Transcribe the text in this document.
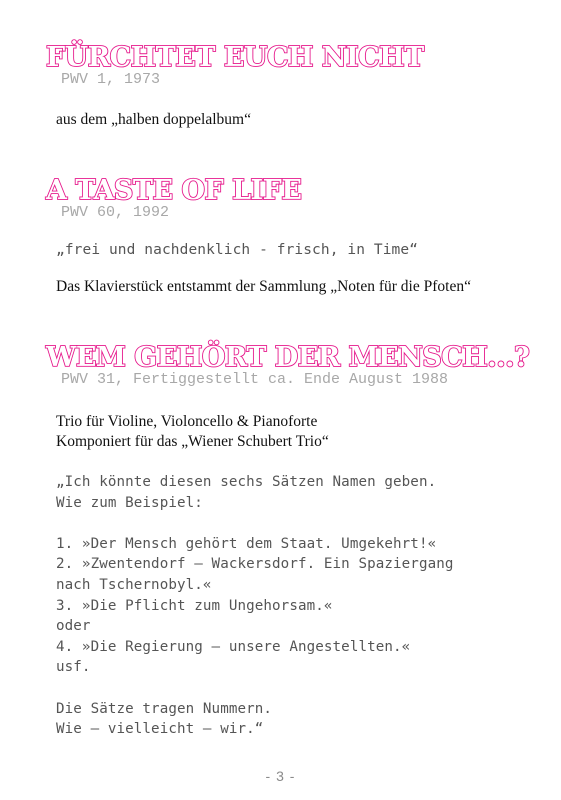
FÜRCHTET EUCH NICHT
PWV 1, 1973
aus dem „halben doppelalbum“
A TASTE OF LIFE
PWV 60, 1992
„frei und nachdenklich - frisch, in Time“
Das Klavierstück entstammt der Sammlung „Noten für die Pfoten“
WEM GEHÖRT DER MENSCH...?
PWV 31, Fertiggestellt ca. Ende August 1988
Trio für Violine, Violoncello & Pianoforte
Komponiert für das „Wiener Schubert Trio“
„Ich könnte diesen sechs Sätzen Namen geben.
Wie zum Beispiel:
1. »Der Mensch gehört dem Staat. Umgekehrt!«
2. »Zwentendorf – Wackersdorf. Ein Spaziergang
nach Tschernobyl.«
3. »Die Pflicht zum Ungehorsam.«
oder
4. »Die Regierung – unsere Angestellten.«
usf.
Die Sätze tragen Nummern.
Wie – vielleicht – wir.“
- 3 -
